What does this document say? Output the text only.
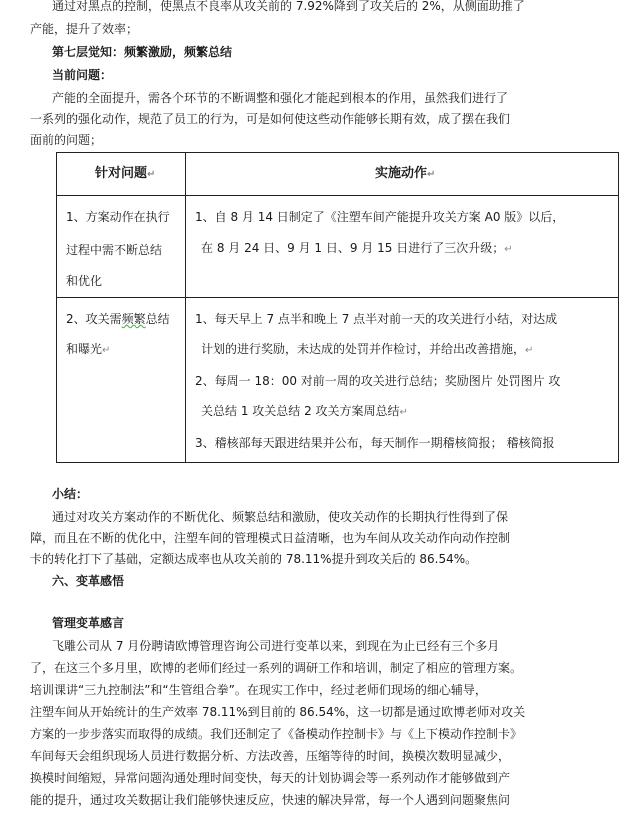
通过对黑点的控制，使黑点不良率从攻关前的 7.92%降到了攻关后的 2%，从侧面助推了
产能，提升了效率；
第七层觉知：频繁激励，频繁总结
当前问题：
产能的全面提升，需各个环节的不断调整和强化才能起到根本的作用，虽然我们进行了
一系列的强化动作，规范了员工的行为，可是如何使这些动作能够长期有效，成了摆在我们
面前的问题；
针对问题↵	实施动作↵
1、方案动作在执行
过程中需不断总结
和优化
1、自 8 月 14 日制定了《注塑车间产能提升攻关方案 A0 版》以后，
在 8 月 24 日、9 月 1 日、9 月 15 日进行了三次升级；↵
2、攻关需频繁总结
和曝光↵
1、每天早上 7 点半和晚上 7 点半对前一天的攻关进行小结，对达成
计划的进行奖励，未达成的处罚并作检讨，并给出改善措施，↵
2、每周一 18：00 对前一周的攻关进行总结；奖励图片 处罚图片 攻
关总结 1 攻关总结 2 攻关方案周总结↵
3、稽核部每天跟进结果并公布，每天制作一期稽核简报； 稽核简报
小结：
通过对攻关方案动作的不断优化、频繁总结和激励，使攻关动作的长期执行性得到了保
障，而且在不断的优化中，注塑车间的管理模式日益清晰，也为车间从攻关动作向动作控制
卡的转化打下了基础，定额达成率也从攻关前的 78.11%提升到攻关后的 86.54%。
六、变革感悟
管理变革感言
飞雕公司从 7 月份聘请欧博管理咨询公司进行变革以来，到现在为止已经有三个多月
了，在这三个多月里，欧博的老师们经过一系列的调研工作和培训，制定了相应的管理方案。
培训课讲“三九控制法”和“生管组合拳”。在现实工作中，经过老师们现场的细心辅导，
注塑车间从开始统计的生产效率 78.11%到目前的 86.54%，这一切都是通过欧博老师对攻关
方案的一步步落实而取得的成绩。我们还制定了《备模动作控制卡》与《上下模动作控制卡》
车间每天会组织现场人员进行数据分析、方法改善，压缩等待的时间，换模次数明显减少，
换模时间缩短，异常问题沟通处理时间变快，每天的计划协调会等一系列动作才能够做到产
能的提升，通过攻关数据让我们能够快速反应，快速的解决异常，每一个人遇到问题聚焦问
